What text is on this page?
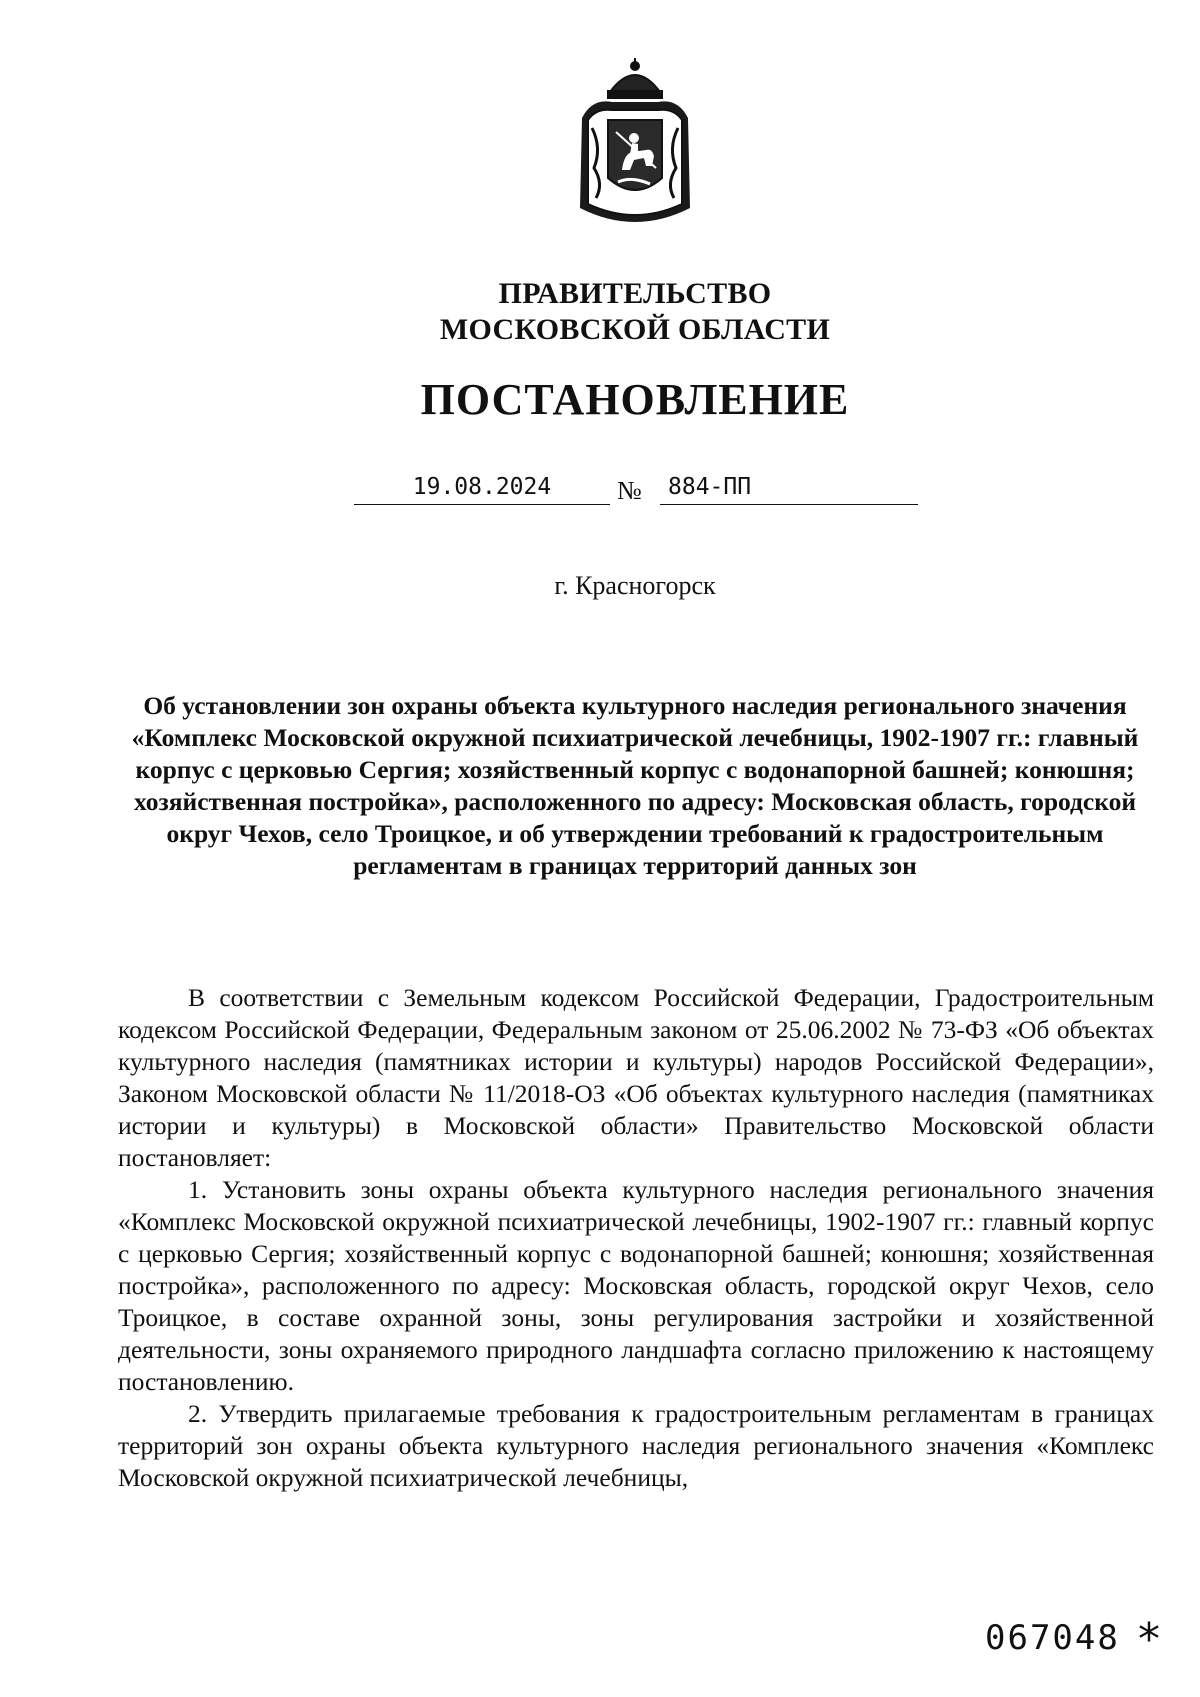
ПРАВИТЕЛЬСТВО
МОСКОВСКОЙ ОБЛАСТИ
ПОСТАНОВЛЕНИЕ
19.08.2024	№ 884-ПП
г. Красногорск
Об установлении зон охраны объекта культурного наследия регионального значения «Комплекс Московской окружной психиатрической лечебницы, 1902-1907 гг.: главный корпус с церковью Сергия; хозяйственный корпус с водонапорной башней; конюшня; хозяйственная постройка», расположенного по адресу: Московская область, городской округ Чехов, село Троицкое, и об утверждении требований к градостроительным регламентам в границах территорий данных зон

В соответствии с Земельным кодексом Российской Федерации, Градостроительным кодексом Российской Федерации, Федеральным законом от 25.06.2002 № 73-ФЗ «Об объектах культурного наследия (памятниках истории и культуры) народов Российской Федерации», Законом Московской области № 11/2018-ОЗ «Об объектах культурного наследия (памятниках истории и культуры) в Московской области» Правительство Московской области постановляет:

1. Установить зоны охраны объекта культурного наследия регионального значения «Комплекс Московской окружной психиатрической лечебницы, 1902-1907 гг.: главный корпус с церковью Сергия; хозяйственный корпус с водонапорной башней; конюшня; хозяйственная постройка», расположенного по адресу: Московская область, городской округ Чехов, село Троицкое, в составе охранной зоны, зоны регулирования застройки и хозяйственной деятельности, зоны охраняемого природного ландшафта согласно приложению к настоящему постановлению.

2. Утвердить прилагаемые требования к градостроительным регламентам в границах территорий зон охраны объекта культурного наследия регионального значения «Комплекс Московской окружной психиатрической лечебницы,

067048 *
